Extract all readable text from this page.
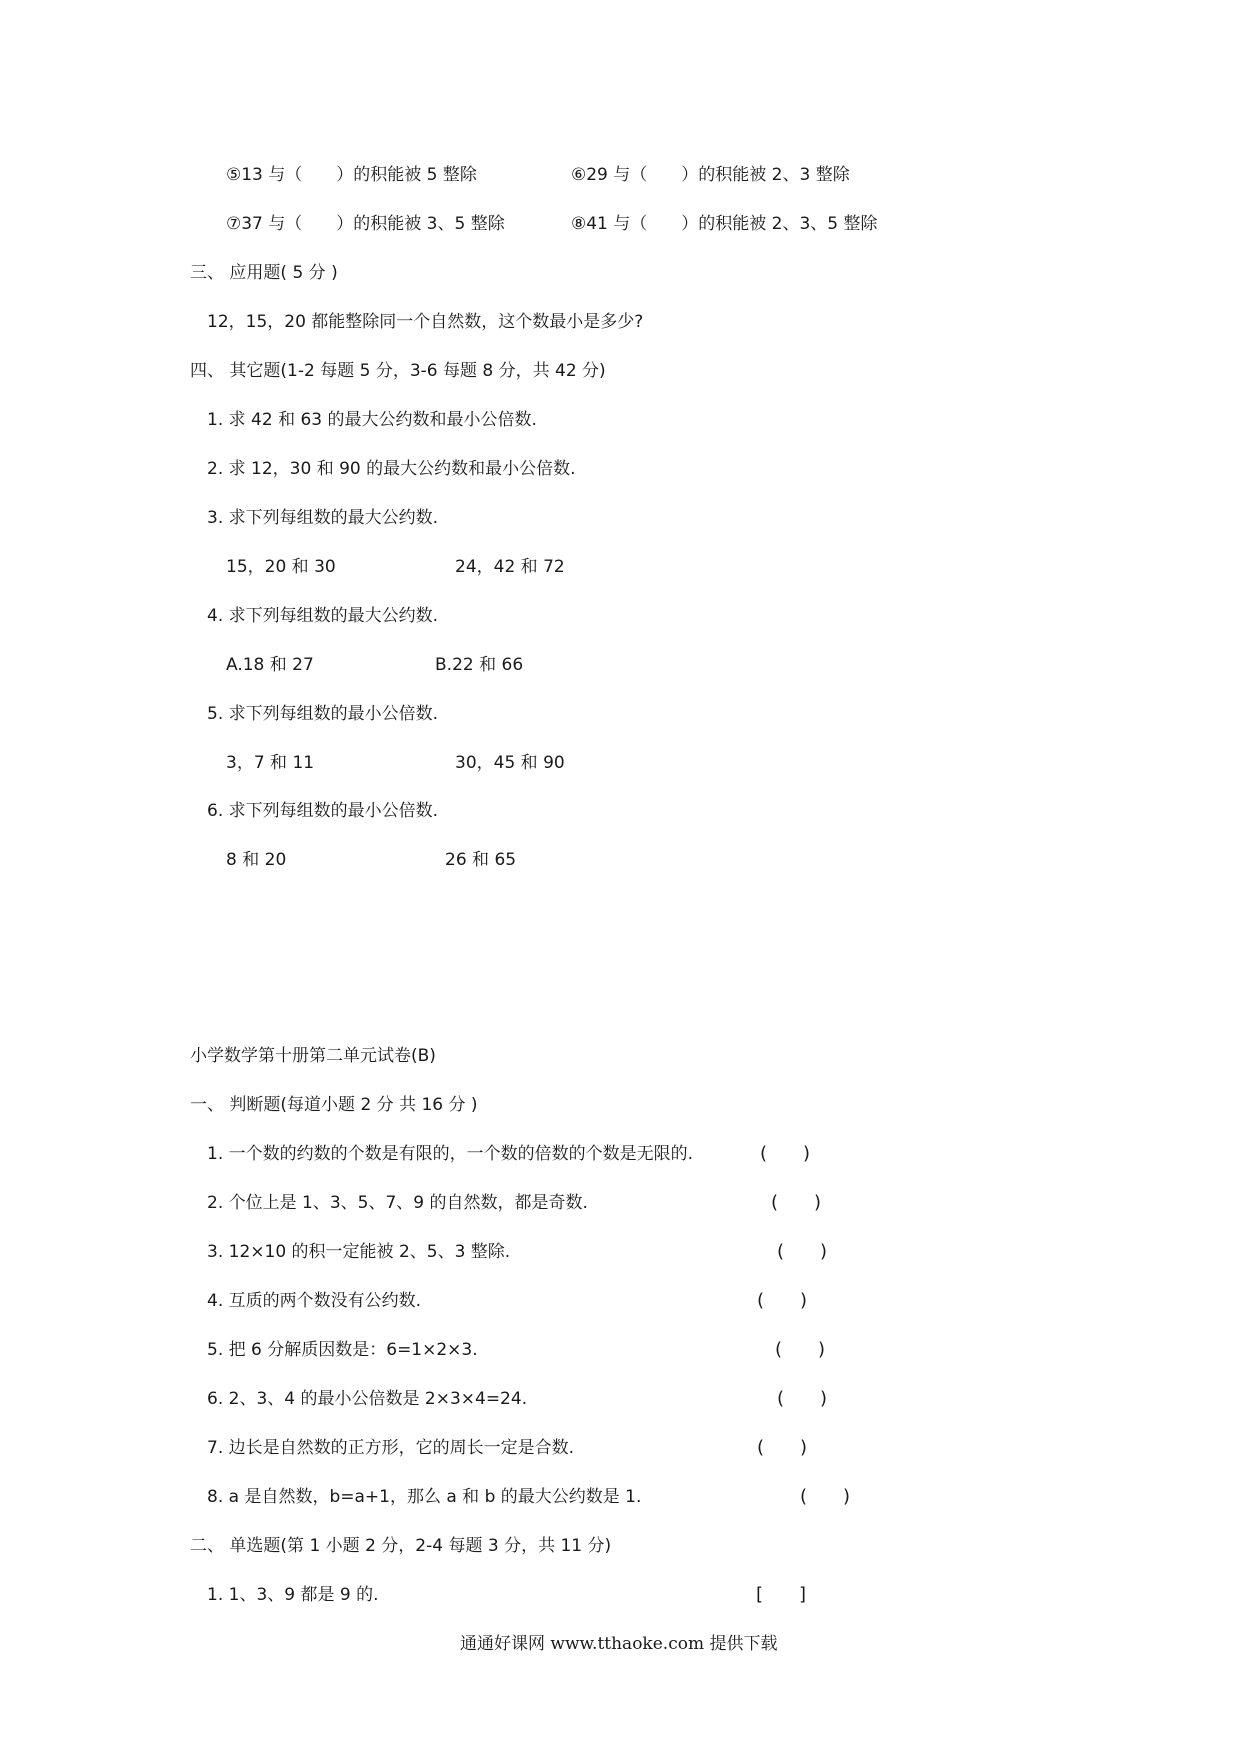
⑤13 与（　　）的积能被 5 整除	⑥29 与（　　）的积能被 2、3 整除
⑦37 与（　　）的积能被 3、5 整除	⑧41 与（　　）的积能被 2、3、5 整除
三、 应用题( 5 分 )
12，15，20 都能整除同一个自然数，这个数最小是多少?
四、 其它题(1-2 每题 5 分，3-6 每题 8 分，共 42 分)
1. 求 42 和 63 的最大公约数和最小公倍数.
2. 求 12，30 和 90 的最大公约数和最小公倍数.
3. 求下列每组数的最大公约数.
15，20 和 30	24，42 和 72
4. 求下列每组数的最大公约数.
A.18 和 27	B.22 和 66
5. 求下列每组数的最小公倍数.
3，7 和 11	30，45 和 90
6. 求下列每组数的最小公倍数.
8 和 20	26 和 65
小学数学第十册第二单元试卷(B)
一、 判断题(每道小题 2 分 共 16 分 )
1. 一个数的约数的个数是有限的，一个数的倍数的个数是无限的.	(　　)
2. 个位上是 1、3、5、7、9 的自然数，都是奇数.	(　　)
3. 12×10 的积一定能被 2、5、3 整除.	(　　)
4. 互质的两个数没有公约数.	(　　)
5. 把 6 分解质因数是：6=1×2×3.	(　　)
6. 2、3、4 的最小公倍数是 2×3×4=24.	(　　)
7. 边长是自然数的正方形，它的周长一定是合数.	(　　)
8. a 是自然数，b=a+1，那么 a 和 b 的最大公约数是 1.	(　　)
二、 单选题(第 1 小题 2 分，2-4 每题 3 分，共 11 分)
1. 1、3、9 都是 9 的.	[　　]
通通好课网 www.tthaoke.com 提供下载
